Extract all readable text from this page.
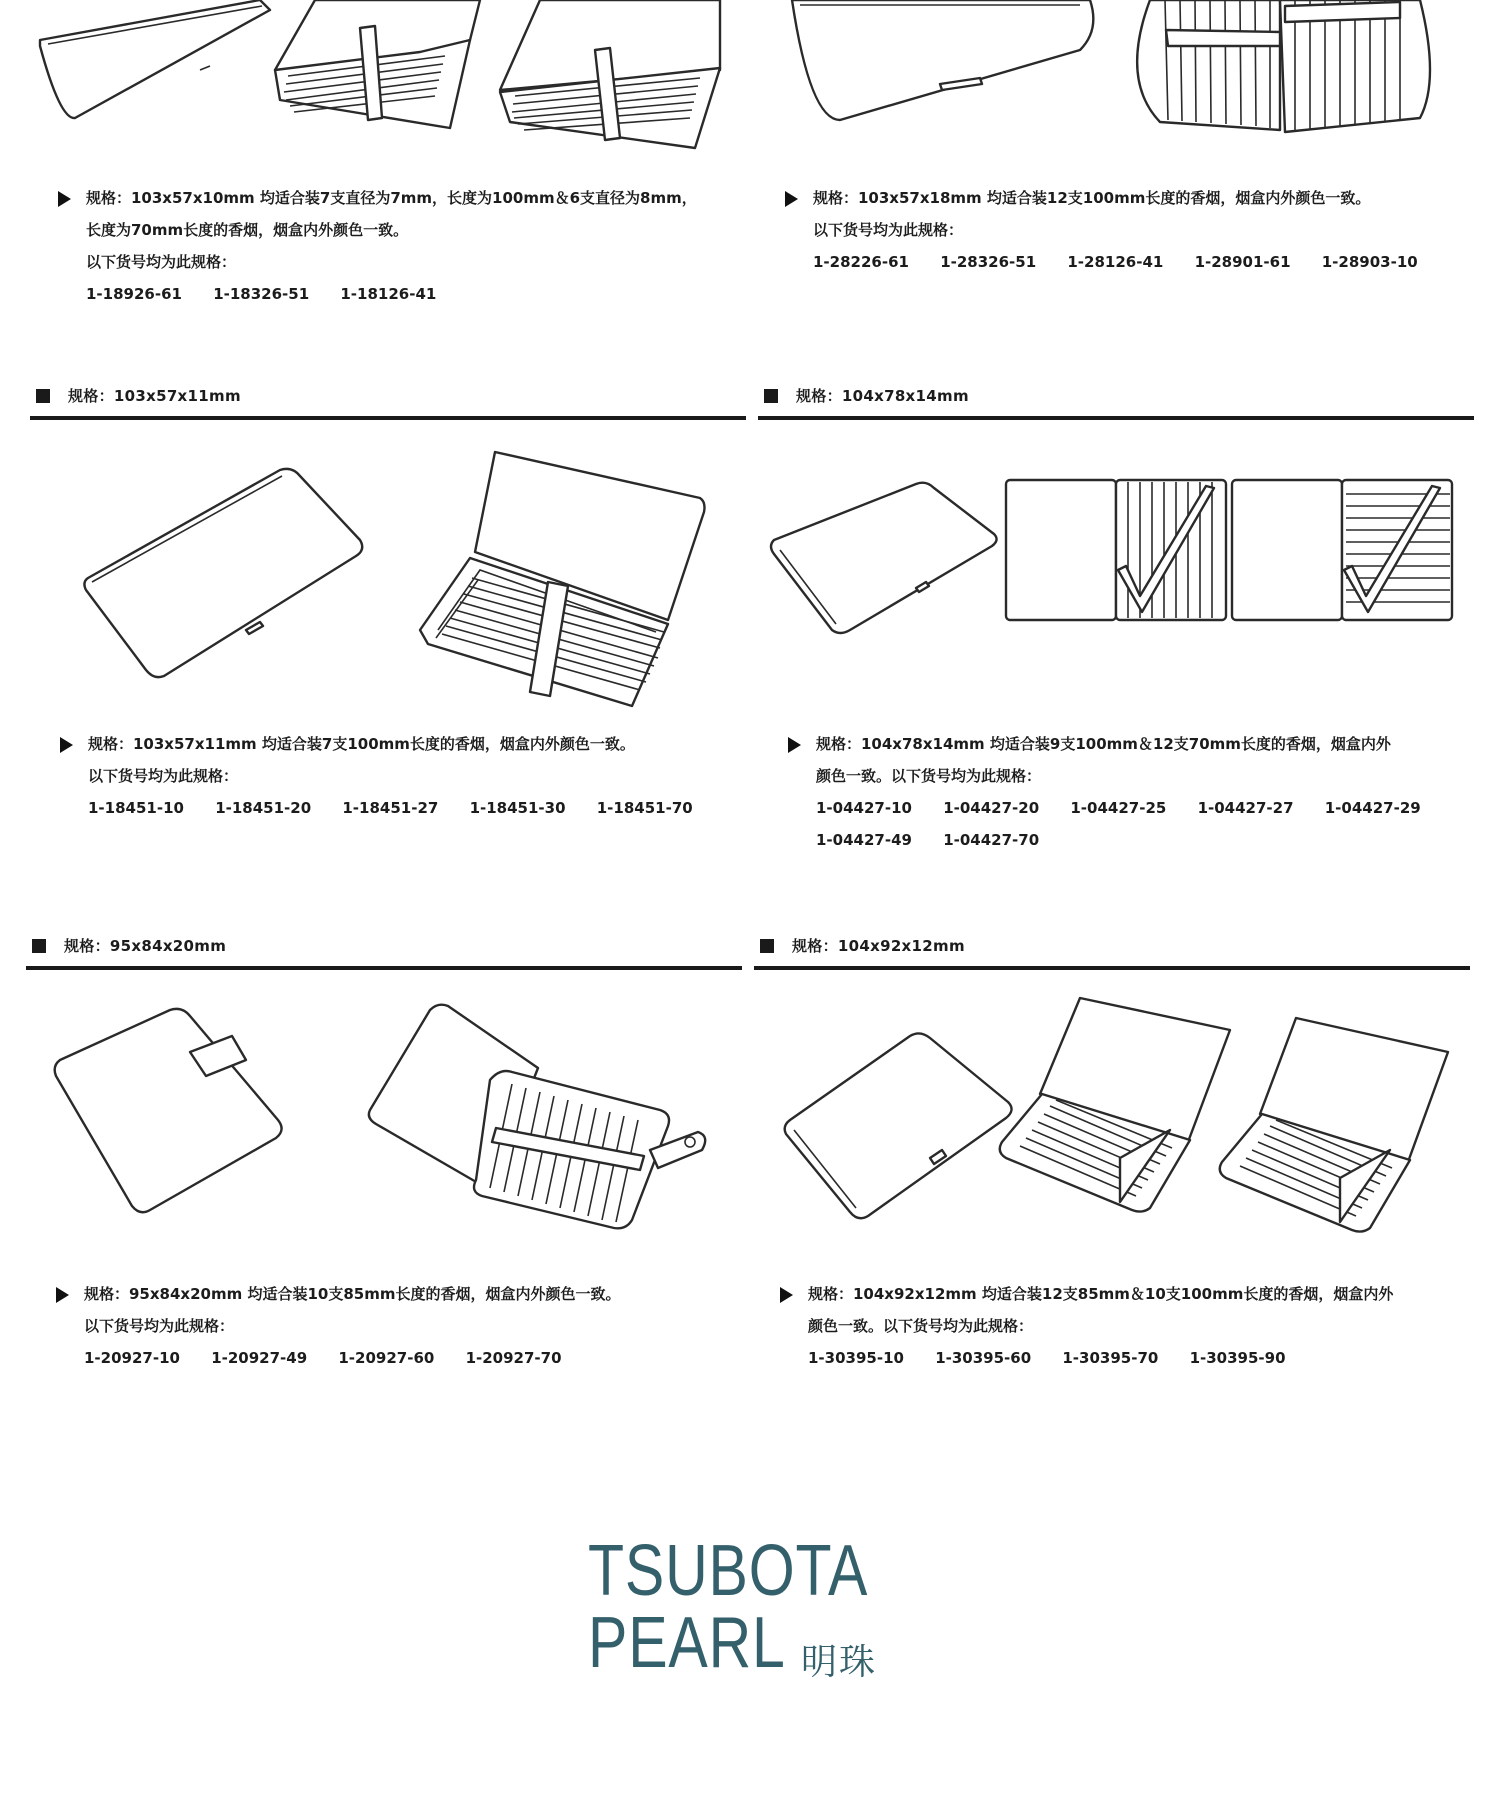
规格：103x57x10mm 均适合装7支直径为7mm，长度为100mm＆6支直径为8mm，
长度为70mm长度的香烟，烟盒内外颜色一致。
以下货号均为此规格：
1-18926-61 1-18326-51 1-18126-41
规格：103x57x18mm 均适合装12支100mm长度的香烟，烟盒内外颜色一致。
以下货号均为此规格：
1-28226-61 1-28326-51 1-28126-41 1-28901-61 1-28903-10
规格：103x57x11mm
规格：103x57x11mm 均适合装7支100mm长度的香烟，烟盒内外颜色一致。
以下货号均为此规格：
1-18451-10 1-18451-20 1-18451-27 1-18451-30 1-18451-70
规格：104x78x14mm
规格：104x78x14mm 均适合装9支100mm＆12支70mm长度的香烟，烟盒内外
颜色一致。以下货号均为此规格：
1-04427-10 1-04427-20 1-04427-25 1-04427-27 1-04427-29
1-04427-49 1-04427-70
规格：95x84x20mm
规格：95x84x20mm 均适合装10支85mm长度的香烟，烟盒内外颜色一致。
以下货号均为此规格：
1-20927-10 1-20927-49 1-20927-60 1-20927-70
规格：104x92x12mm
规格：104x92x12mm 均适合装12支85mm＆10支100mm长度的香烟，烟盒内外
颜色一致。以下货号均为此规格：
1-30395-10 1-30395-60 1-30395-70 1-30395-90
TSUBOTA
PEARL 明珠
